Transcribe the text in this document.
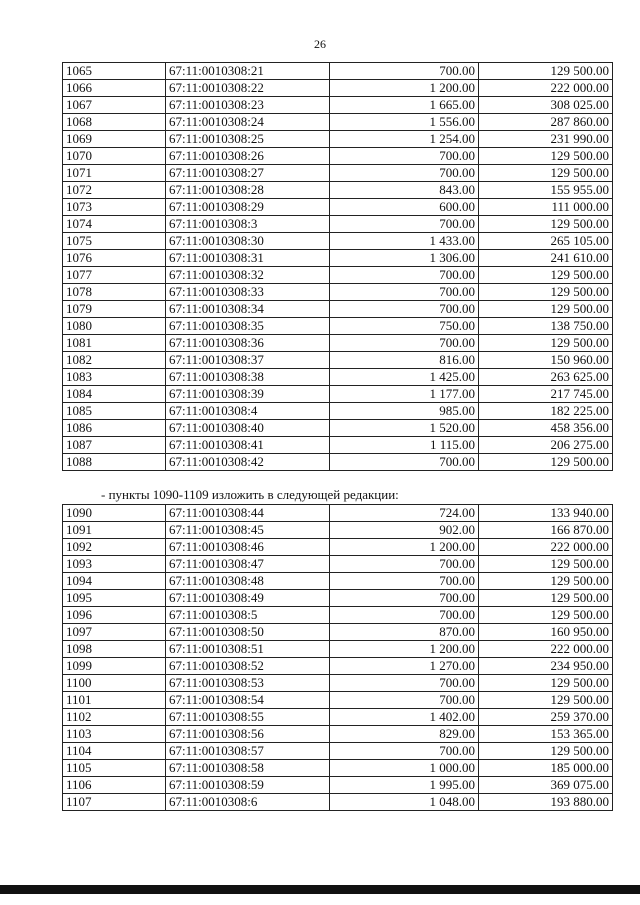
26
1065	67:11:0010308:21	700.00	129 500.00
1066	67:11:0010308:22	1 200.00	222 000.00
1067	67:11:0010308:23	1 665.00	308 025.00
1068	67:11:0010308:24	1 556.00	287 860.00
1069	67:11:0010308:25	1 254.00	231 990.00
1070	67:11:0010308:26	700.00	129 500.00
1071	67:11:0010308:27	700.00	129 500.00
1072	67:11:0010308:28	843.00	155 955.00
1073	67:11:0010308:29	600.00	111 000.00
1074	67:11:0010308:3	700.00	129 500.00
1075	67:11:0010308:30	1 433.00	265 105.00
1076	67:11:0010308:31	1 306.00	241 610.00
1077	67:11:0010308:32	700.00	129 500.00
1078	67:11:0010308:33	700.00	129 500.00
1079	67:11:0010308:34	700.00	129 500.00
1080	67:11:0010308:35	750.00	138 750.00
1081	67:11:0010308:36	700.00	129 500.00
1082	67:11:0010308:37	816.00	150 960.00
1083	67:11:0010308:38	1 425.00	263 625.00
1084	67:11:0010308:39	1 177.00	217 745.00
1085	67:11:0010308:4	985.00	182 225.00
1086	67:11:0010308:40	1 520.00	458 356.00
1087	67:11:0010308:41	1 115.00	206 275.00
1088	67:11:0010308:42	700.00	129 500.00
- пункты 1090-1109 изложить в следующей редакции:
1090	67:11:0010308:44	724.00	133 940.00
1091	67:11:0010308:45	902.00	166 870.00
1092	67:11:0010308:46	1 200.00	222 000.00
1093	67:11:0010308:47	700.00	129 500.00
1094	67:11:0010308:48	700.00	129 500.00
1095	67:11:0010308:49	700.00	129 500.00
1096	67:11:0010308:5	700.00	129 500.00
1097	67:11:0010308:50	870.00	160 950.00
1098	67:11:0010308:51	1 200.00	222 000.00
1099	67:11:0010308:52	1 270.00	234 950.00
1100	67:11:0010308:53	700.00	129 500.00
1101	67:11:0010308:54	700.00	129 500.00
1102	67:11:0010308:55	1 402.00	259 370.00
1103	67:11:0010308:56	829.00	153 365.00
1104	67:11:0010308:57	700.00	129 500.00
1105	67:11:0010308:58	1 000.00	185 000.00
1106	67:11:0010308:59	1 995.00	369 075.00
1107	67:11:0010308:6	1 048.00	193 880.00
